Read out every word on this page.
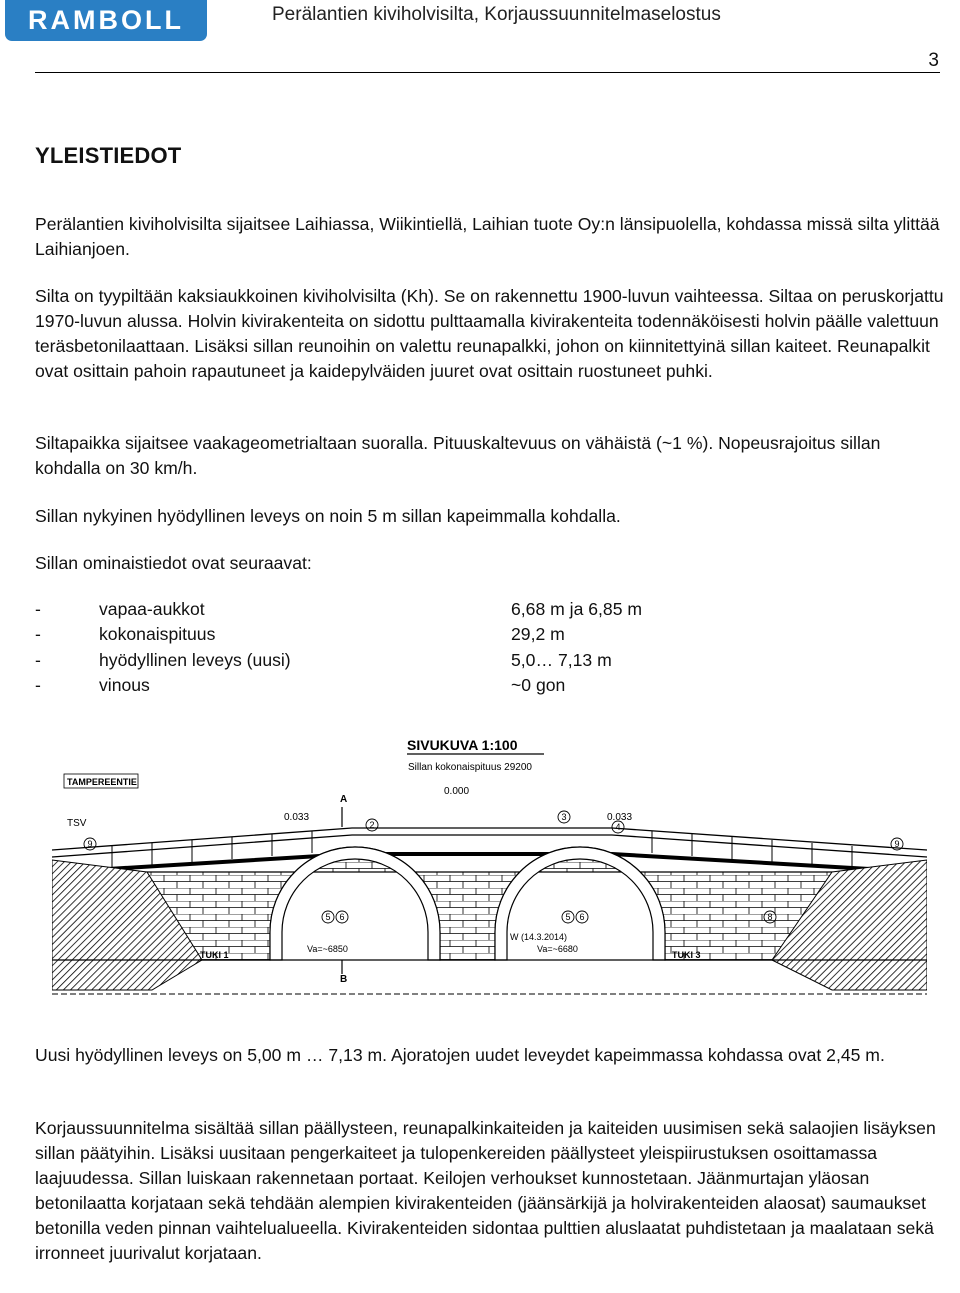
RAMBOLL	Perälantien kiviholvisilta, Korjaussuunnitelmaselostus
3
YLEISTIEDOT

Perälantien kiviholvisilta sijaitsee Laihiassa, Wiikintiellä, Laihian tuote Oy:n länsipuolella, kohdassa missä silta ylittää Laihianjoen.

Silta on tyypiltään kaksiaukkoinen kiviholvisilta (Kh). Se on rakennettu 1900-luvun vaihteessa. Siltaa on peruskorjattu 1970-luvun alussa. Holvin kivirakenteita on sidottu pulttaamalla kivirakenteita todennäköisesti holvin päälle valettuun teräsbetonilaattaan. Lisäksi sillan reunoihin on valettu reunapalkki, johon on kiinnitettyinä sillan kaiteet. Reunapalkit ovat osittain pahoin rapautuneet ja kaidepylväiden juuret ovat osittain ruostuneet puhki.

Siltapaikka sijaitsee vaakageometrialtaan suoralla. Pituuskaltevuus on vähäistä (~1 %). Nopeusrajoitus sillan kohdalla on 30 km/h.

Sillan nykyinen hyödyllinen leveys on noin 5 m sillan kapeimmalla kohdalla.

Sillan ominaistiedot ovat seuraavat:

-	vapaa-aukkot	6,68 m ja 6,85 m
-	kokonaispituus	29,2 m
-	hyödyllinen leveys (uusi)	5,0… 7,13 m
-	vinous	~0 gon
SIVUKUVA 1:100
Sillan kokonaispituus 29200
0.000
TAMPEREENTIE
TSV
0.033	0.033
A
B
Va=~6850	Va=~6680
W (14.3.2014)
TUKI 1	TUKI 3
9
2
3
4
9
5 6	5 6	8

Uusi hyödyllinen leveys on 5,00 m … 7,13 m. Ajoratojen uudet leveydet kapeimmassa kohdassa ovat 2,45 m.

Korjaussuunnitelma sisältää sillan päällysteen, reunapalkinkaiteiden ja kaiteiden uusimisen sekä salaojien lisäyksen sillan päätyihin. Lisäksi uusitaan pengerkaiteet ja tulopenkereiden päällysteet yleispiirustuksen osoittamassa laajuudessa. Sillan luiskaan rakennetaan portaat. Keilojen verhoukset kunnostetaan. Jäänmurtajan yläosan betonilaatta korjataan sekä tehdään alempien kivirakenteiden (jäänsärkijä ja holvirakenteiden alaosat) saumaukset betonilla veden pinnan vaihtelualueella. Kivirakenteiden sidontaa pulttien aluslaatat puhdistetaan ja maalataan sekä irronneet juurivalut korjataan.
